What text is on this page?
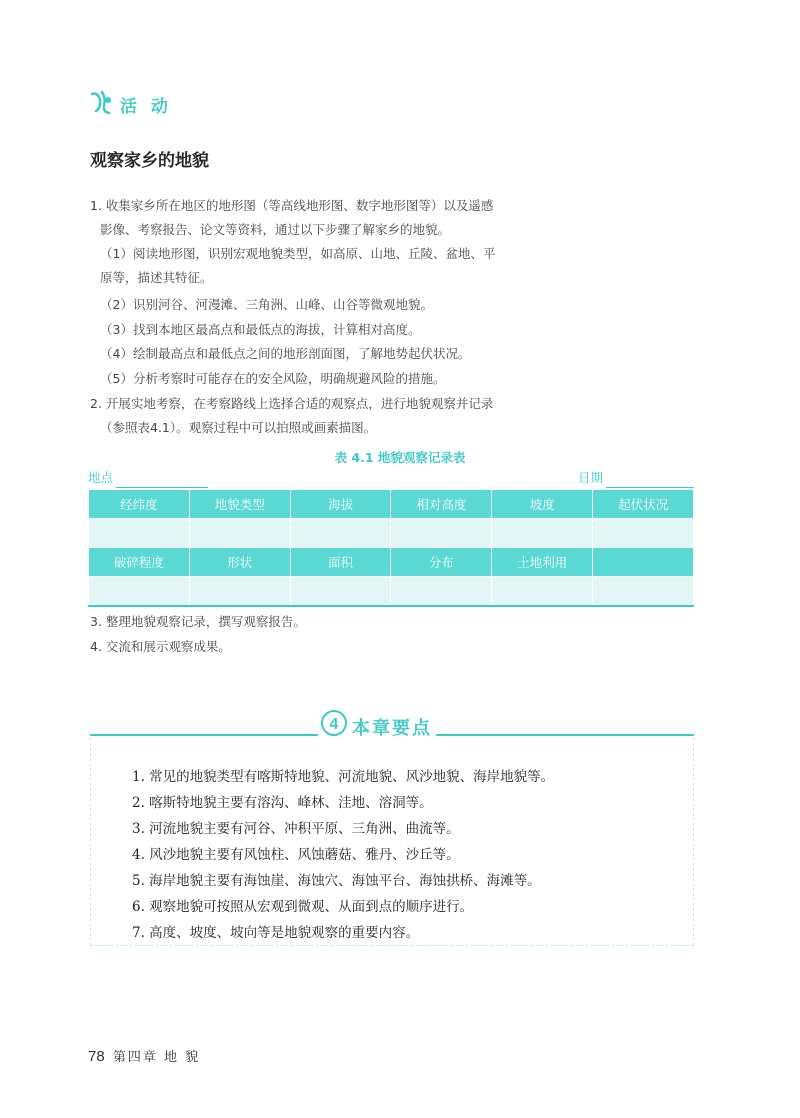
活 动
观察家乡的地貌
1. 收集家乡所在地区的地形图（等高线地形图、数字地形图等）以及遥感
影像、考察报告、论文等资料，通过以下步骤了解家乡的地貌。
（1）阅读地形图，识别宏观地貌类型，如高原、山地、丘陵、盆地、平
原等，描述其特征。
（2）识别河谷、河漫滩、三角洲、山峰、山谷等微观地貌。
（3）找到本地区最高点和最低点的海拔，计算相对高度。
（4）绘制最高点和最低点之间的地形剖面图，了解地势起伏状况。
（5）分析考察时可能存在的安全风险，明确规避风险的措施。
2. 开展实地考察，在考察路线上选择合适的观察点，进行地貌观察并记录
（参照表4.1）。观察过程中可以拍照或画素描图。
表 4.1 地貌观察记录表
地点	日期
经纬度	地貌类型	海拔	相对高度	坡度	起伏状况

破碎程度	形状	面积	分布	土地利用	

3. 整理地貌观察记录，撰写观察报告。
4. 交流和展示观察成果。
4 本章要点
1. 常见的地貌类型有喀斯特地貌、河流地貌、风沙地貌、海岸地貌等。
2. 喀斯特地貌主要有溶沟、峰林、洼地、溶洞等。
3. 河流地貌主要有河谷、冲积平原、三角洲、曲流等。
4. 风沙地貌主要有风蚀柱、风蚀蘑菇、雅丹、沙丘等。
5. 海岸地貌主要有海蚀崖、海蚀穴、海蚀平台、海蚀拱桥、海滩等。
6. 观察地貌可按照从宏观到微观、从面到点的顺序进行。
7. 高度、坡度、坡向等是地貌观察的重要内容。
78 第四章 地 貌
